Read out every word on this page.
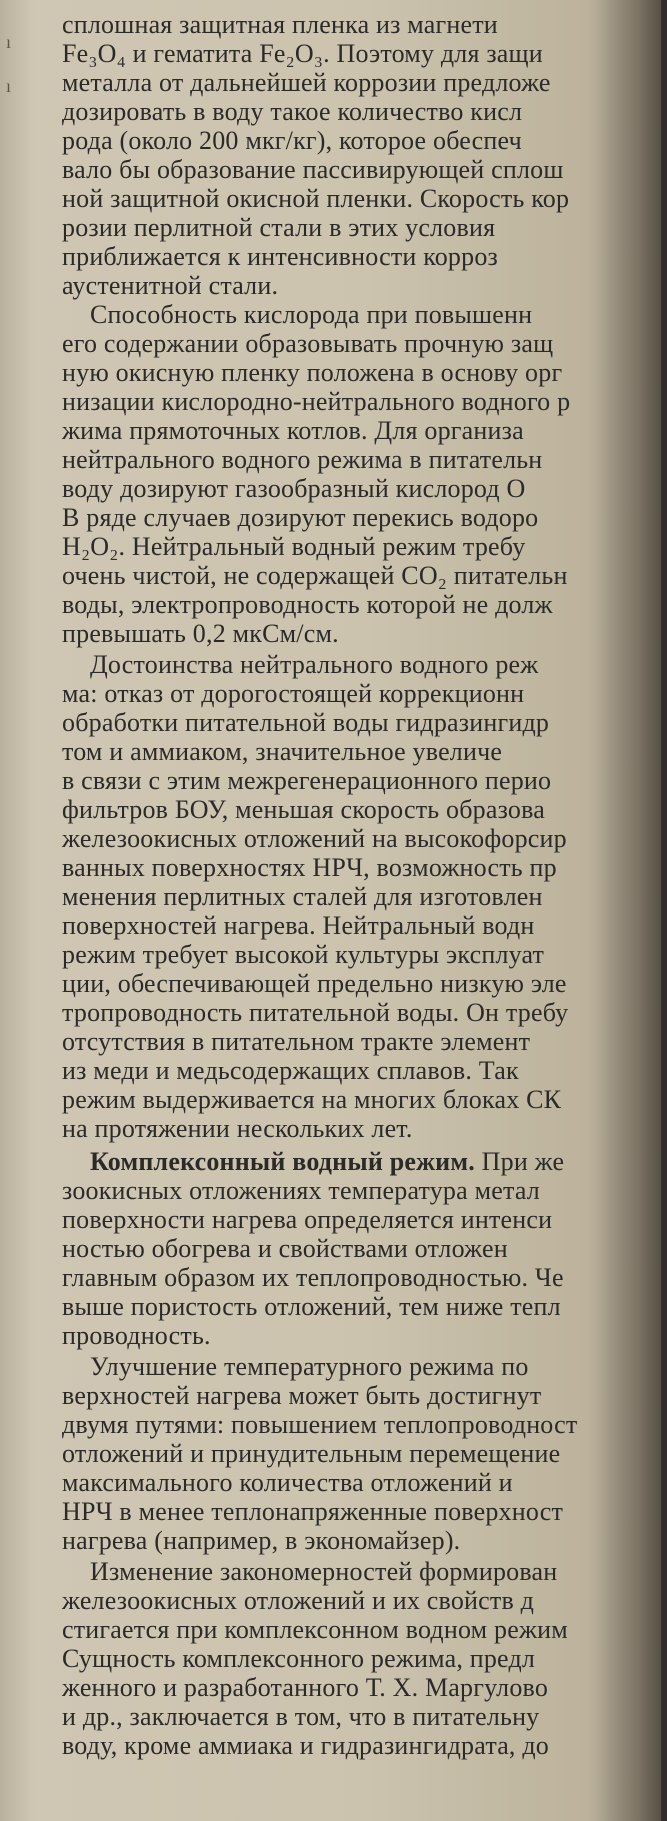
ı
ı
сплошная защитная пленка из магнети
Fe₃O₄ и гематита Fe₂O₃. Поэтому для защи
металла от дальнейшей коррозии предложе
дозировать в воду такое количество кисл
рода (около 200 мкг/кг), которое обеспеч
вало бы образование пассивирующей сплош
ной защитной окисной пленки. Скорость кор
розии перлитной стали в этих условия
приближается к интенсивности корроз
аустенитной стали.
Способность кислорода при повышенн
его содержании образовывать прочную защ
ную окисную пленку положена в основу орг
низации кислородно-нейтрального водного р
жима прямоточных котлов. Для организа
нейтрального водного режима в питательн
воду дозируют газообразный кислород О
В ряде случаев дозируют перекись водоро
H₂O₂. Нейтральный водный режим требу
очень чистой, не содержащей CO₂ питательн
воды, электропроводность которой не долж
превышать 0,2 мкСм/см.
Достоинства нейтрального водного реж
ма: отказ от дорогостоящей коррекционн
обработки питательной воды гидразингидр
том и аммиаком, значительное увеличе
в связи с этим межрегенерационного перио
фильтров БОУ, меньшая скорость образова
железоокисных отложений на высокофорсир
ванных поверхностях НРЧ, возможность пр
менения перлитных сталей для изготовлен
поверхностей нагрева. Нейтральный водн
режим требует высокой культуры эксплуат
ции, обеспечивающей предельно низкую эле
тропроводность питательной воды. Он требу
отсутствия в питательном тракте элемент
из меди и медьсодержащих сплавов. Так
режим выдерживается на многих блоках СК
на протяжении нескольких лет.
Комплексонный водный режим. При же
зоокисных отложениях температура метал
поверхности нагрева определяется интенси
ностью обогрева и свойствами отложен
главным образом их теплопроводностью. Че
выше пористость отложений, тем ниже тепл
проводность.
Улучшение температурного режима по
верхностей нагрева может быть достигнут
двумя путями: повышением теплопроводност
отложений и принудительным перемещение
максимального количества отложений и
НРЧ в менее теплонапряженные поверхност
нагрева (например, в экономайзер).
Изменение закономерностей формирован
железоокисных отложений и их свойств д
стигается при комплексонном водном режим
Сущность комплексонного режима, предл
женного и разработанного Т. Х. Маргулово
и др., заключается в том, что в питательну
воду, кроме аммиака и гидразингидрата, до
